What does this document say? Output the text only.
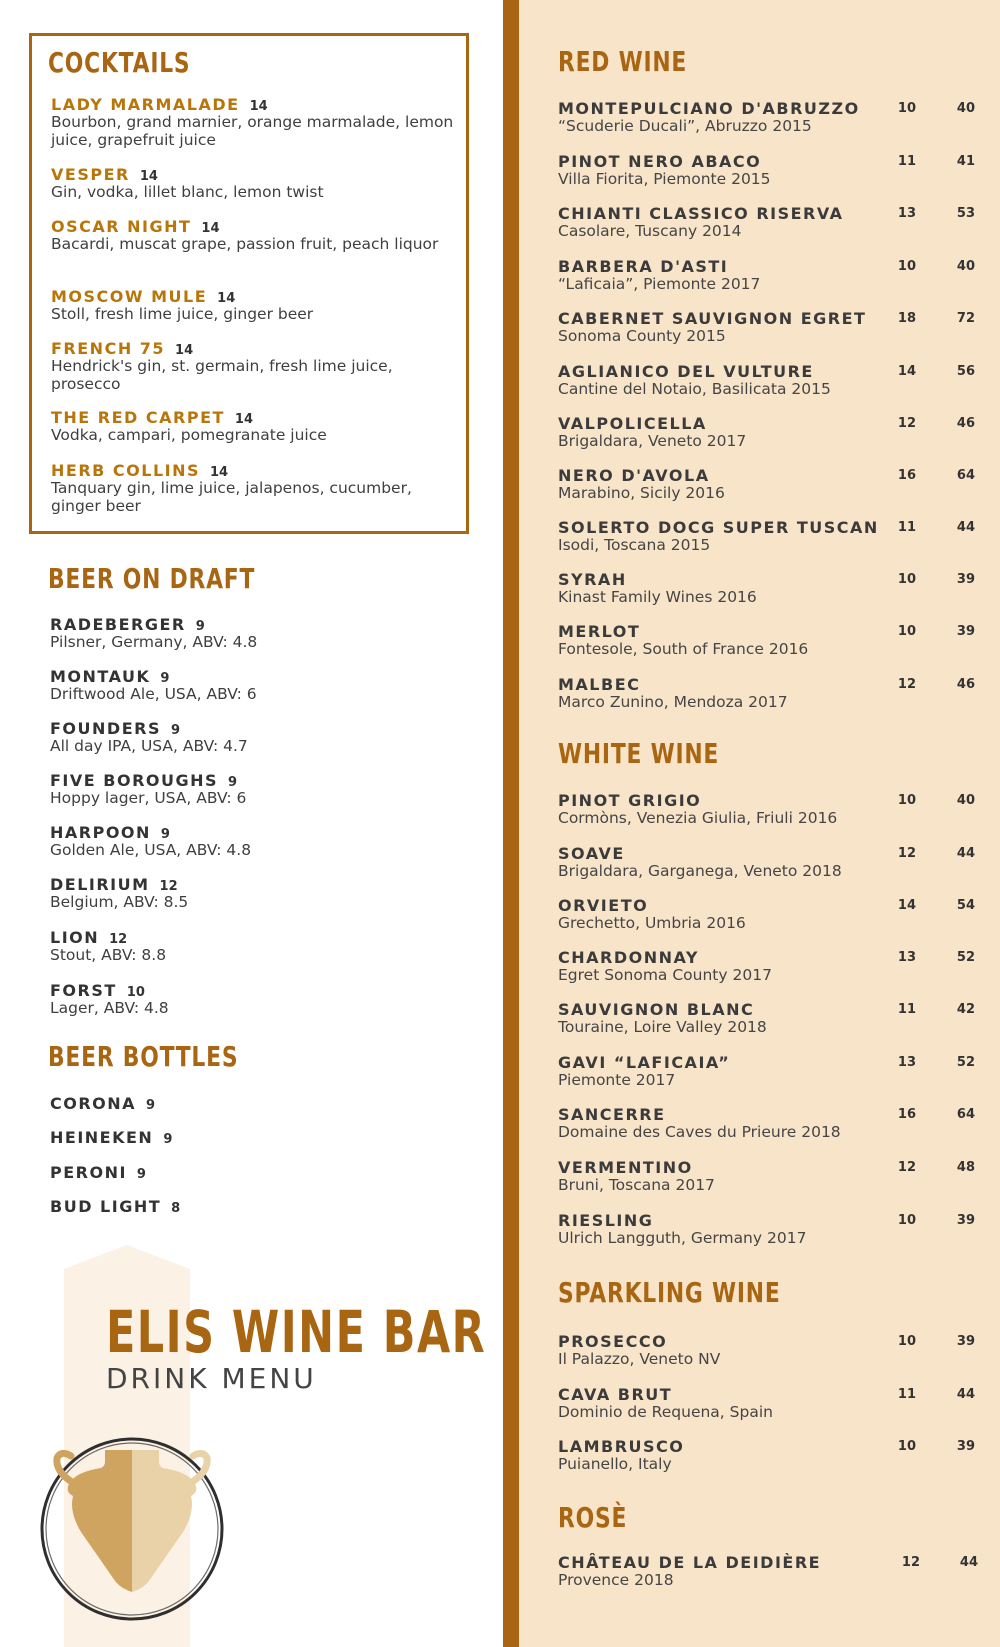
COCKTAILS
LADY MARMALADE 14
Bourbon, grand marnier, orange marmalade, lemon juice, grapefruit juice
VESPER 14
Gin, vodka, lillet blanc, lemon twist
OSCAR NIGHT 14
Bacardi, muscat grape, passion fruit, peach liquor
MOSCOW MULE 14
Stoll, fresh lime juice, ginger beer
FRENCH 75 14
Hendrick's gin, st. germain, fresh lime juice, prosecco
THE RED CARPET 14
Vodka, campari, pomegranate juice
HERB COLLINS 14
Tanquary gin, lime juice, jalapenos, cucumber, ginger beer
BEER ON DRAFT
RADEBERGER 9
Pilsner, Germany, ABV: 4.8
MONTAUK 9
Driftwood Ale, USA, ABV: 6
FOUNDERS 9
All day IPA, USA, ABV: 4.7
FIVE BOROUGHS 9
Hoppy lager, USA, ABV: 6
HARPOON 9
Golden Ale, USA, ABV: 4.8
DELIRIUM 12
Belgium, ABV: 8.5
LION 12
Stout, ABV: 8.8
FORST 10
Lager, ABV: 4.8
BEER BOTTLES
CORONA 9
HEINEKEN 9
PERONI 9
BUD LIGHT 8
ELIS WINE BAR
DRINK MENU
RED WINE
MONTEPULCIANO D'ABRUZZO
“Scuderie Ducali”, Abruzzo 2015
10	40
PINOT NERO ABACO
Villa Fiorita, Piemonte 2015
11	41
CHIANTI CLASSICO RISERVA
Casolare, Tuscany 2014
13	53
BARBERA D'ASTI
“Laficaia”, Piemonte 2017
10	40
CABERNET SAUVIGNON EGRET
Sonoma County 2015
18	72
AGLIANICO DEL VULTURE
Cantine del Notaio, Basilicata 2015
14	56
VALPOLICELLA
Brigaldara, Veneto 2017
12	46
NERO D'AVOLA
Marabino, Sicily 2016
16	64
SOLERTO DOCG SUPER TUSCAN
Isodi, Toscana 2015
11	44
SYRAH
Kinast Family Wines 2016
10	39
MERLOT
Fontesole, South of France 2016
10	39
MALBEC
Marco Zunino, Mendoza 2017
12	46
WHITE WINE
PINOT GRIGIO
Cormòns, Venezia Giulia, Friuli 2016
10	40
SOAVE
Brigaldara, Garganega, Veneto 2018
12	44
ORVIETO
Grechetto, Umbria 2016
14	54
CHARDONNAY
Egret Sonoma County 2017
13	52
SAUVIGNON BLANC
Touraine, Loire Valley 2018
11	42
GAVI “LAFICAIA”
Piemonte 2017
13	52
SANCERRE
Domaine des Caves du Prieure 2018
16	64
VERMENTINO
Bruni, Toscana 2017
12	48
RIESLING
Ulrich Langguth, Germany 2017
10	39
SPARKLING WINE
PROSECCO
Il Palazzo, Veneto NV
10	39
CAVA BRUT
Dominio de Requena, Spain
11	44
LAMBRUSCO
Puianello, Italy
10	39
ROSÈ
CHÂTEAU DE LA DEIDIÈRE
Provence 2018
12	44
